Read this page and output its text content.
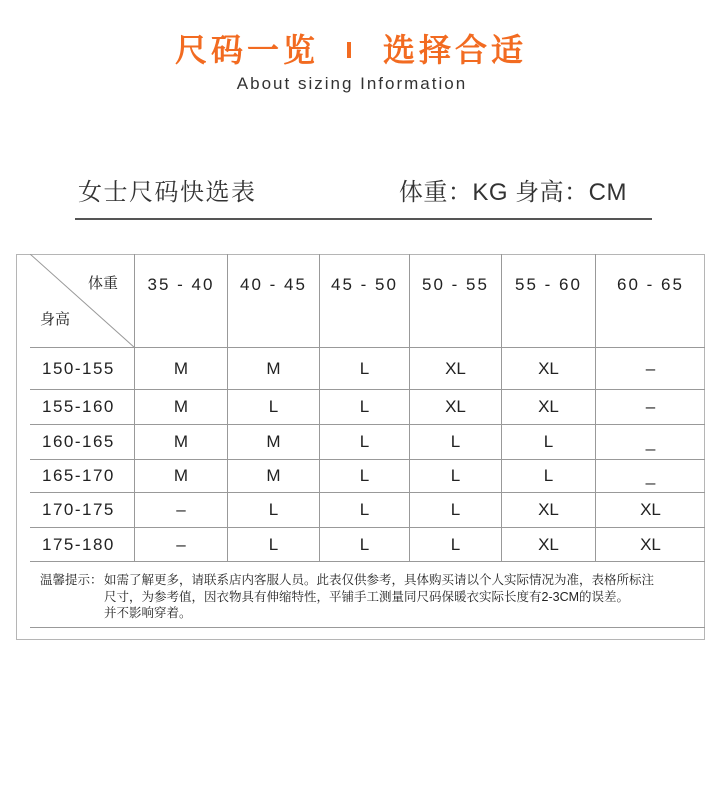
尺码一览 选择合适
About sizing Information
女士尺码快选表	体重：KG 身高：CM
体重
身高
35 - 40	40 - 45	45 - 50	50 - 55	55 - 60	60 - 65
150-155	M	M	L	XL	XL	–
155-160	M	L	L	XL	XL	–
160-165	M	M	L	L	L	_
165-170	M	M	L	L	L	_
170-175	–	L	L	L	XL	XL
175-180	–	L	L	L	XL	XL
温馨提示： 如需了解更多，请联系店内客服人员。此表仅供参考，具体购买请以个人实际情况为准，表格所标注
尺寸，为参考值，因衣物具有伸缩特性，平铺手工测量同尺码保暖衣实际长度有2-3CM的误差。
并不影响穿着。
